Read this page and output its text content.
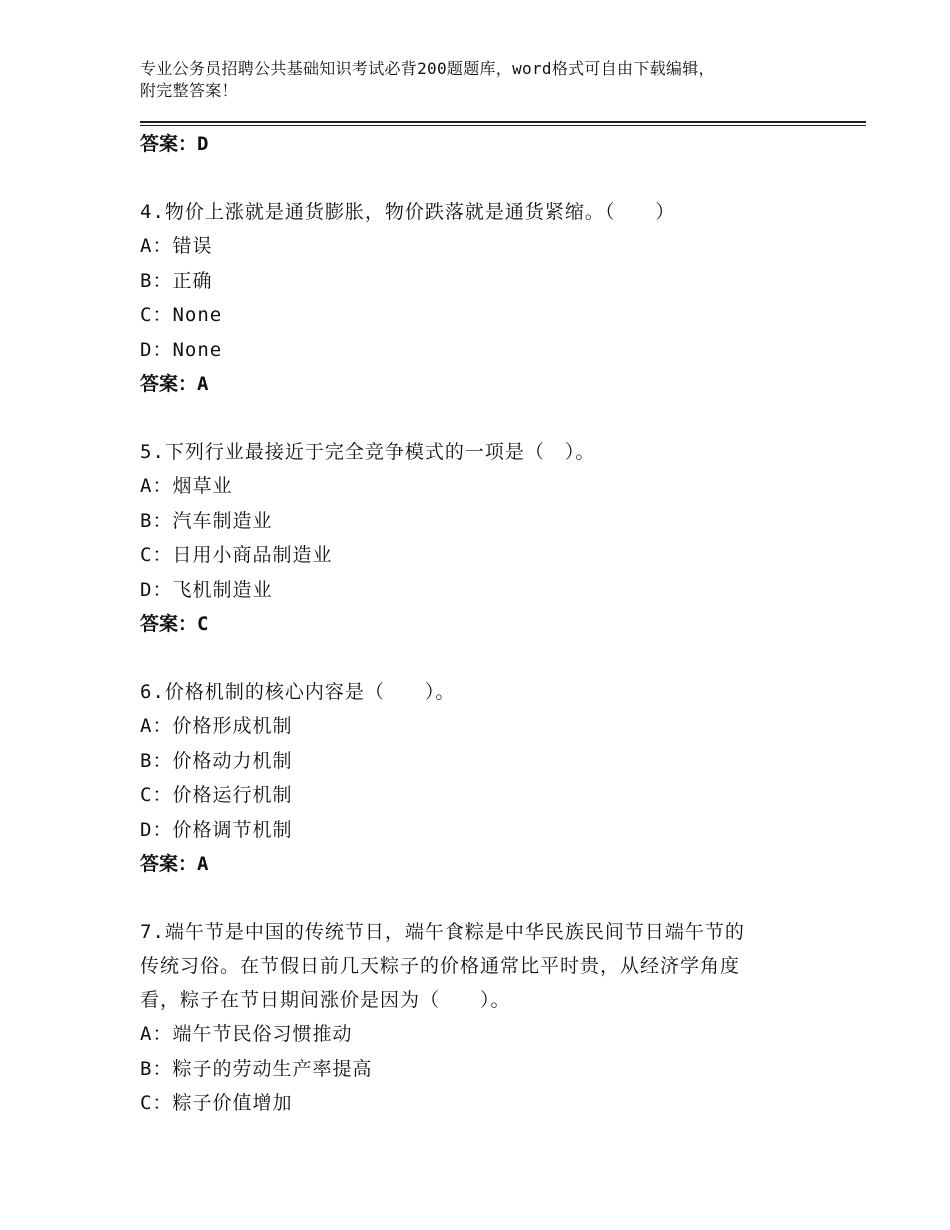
专业公务员招聘公共基础知识考试必背200题题库，word格式可自由下载编辑，
附完整答案！
答案：D
4.物价上涨就是通货膨胀，物价跌落就是通货紧缩。（　　）
A：错误
B：正确
C：None
D：None
答案：A
5.下列行业最接近于完全竞争模式的一项是（　）。
A：烟草业
B：汽车制造业
C：日用小商品制造业
D：飞机制造业
答案：C
6.价格机制的核心内容是（　　）。
A：价格形成机制
B：价格动力机制
C：价格运行机制
D：价格调节机制
答案：A
7.端午节是中国的传统节日，端午食粽是中华民族民间节日端午节的
传统习俗。在节假日前几天粽子的价格通常比平时贵，从经济学角度
看，粽子在节日期间涨价是因为（　　）。
A：端午节民俗习惯推动
B：粽子的劳动生产率提高
C：粽子价值增加
